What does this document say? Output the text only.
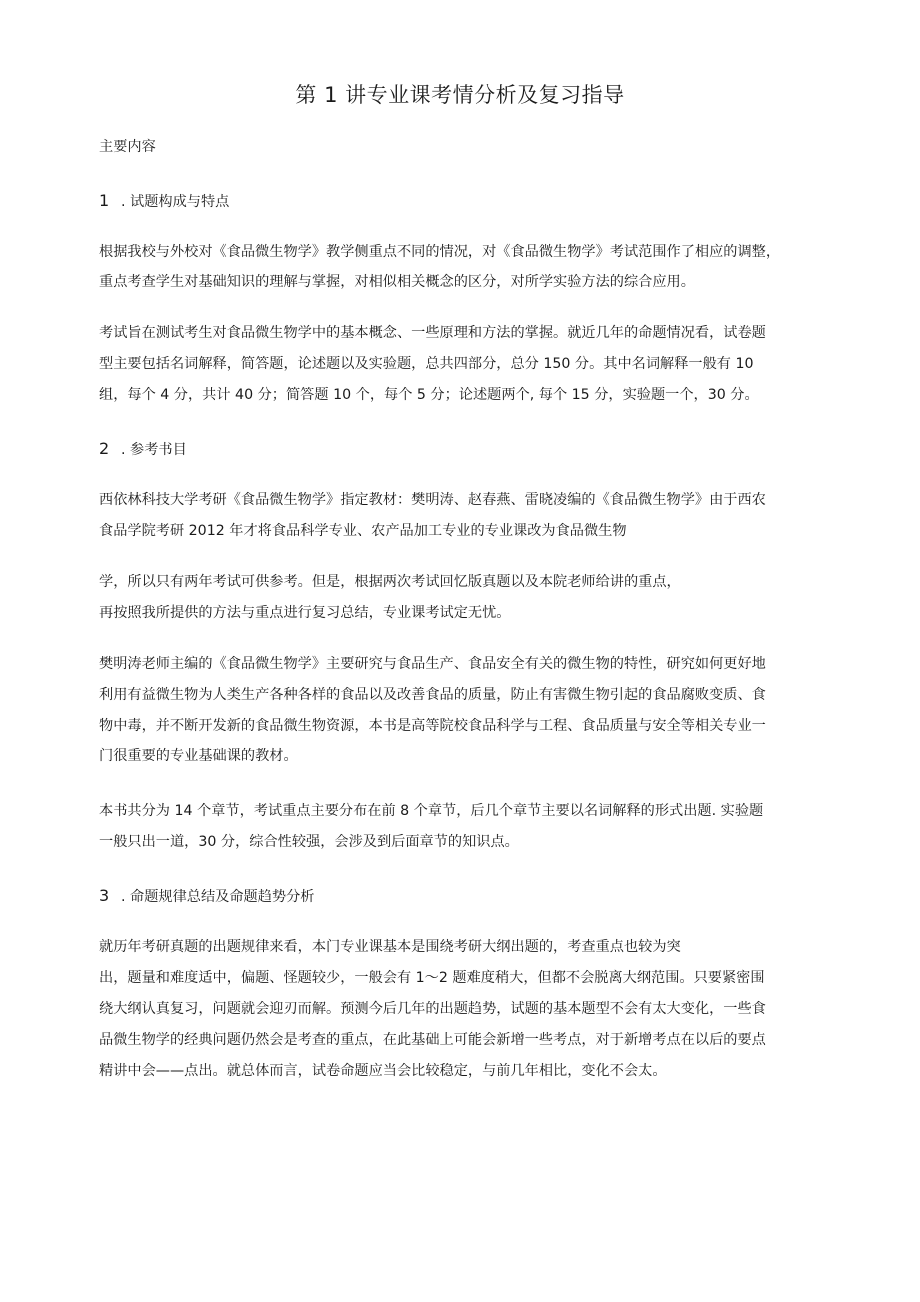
第 1 讲专业课考情分析及复习指导

主要内容

1 . 试题构成与特点

根据我校与外校对《食品微生物学》教学侧重点不同的情况，对《食品微生物学》考试范围作了相应的调整，

重点考查学生对基础知识的理解与掌握，对相似相关概念的区分，对所学实验方法的综合应用。

考试旨在测试考生对食品微生物学中的基本概念、一些原理和方法的掌握。就近几年的命题情况看，试卷题

型主要包括名词解释，简答题，论述题以及实验题，总共四部分，总分 150 分。其中名词解释一般有 10

组，每个 4 分，共计 40 分；简答题 10 个，每个 5 分；论述题两个, 每个 15 分，实验题一个，30 分。

2 . 参考书目

西依林科技大学考研《食品微生物学》指定教材：樊明涛、赵春燕、雷晓凌编的《食品微生物学》由于西农

食品学院考研 2012 年才将食品科学专业、农产品加工专业的专业课改为食品微生物

学，所以只有两年考试可供参考。但是，根据两次考试回忆版真题以及本院老师给讲的重点，

再按照我所提供的方法与重点进行复习总结，专业课考试定无忧。

樊明涛老师主编的《食品微生物学》主要研究与食品生产、食品安全有关的微生物的特性，研究如何更好地

利用有益微生物为人类生产各种各样的食品以及改善食品的质量，防止有害微生物引起的食品腐败变质、食

物中毒，并不断开发新的食品微生物资源，本书是高等院校食品科学与工程、食品质量与安全等相关专业一

门很重要的专业基础课的教材。

本书共分为 14 个章节，考试重点主要分布在前 8 个章节，后几个章节主要以名词解释的形式出题. 实验题

一般只出一道，30 分，综合性较强，会涉及到后面章节的知识点。

3 . 命题规律总结及命题趋势分析

就历年考研真题的出题规律来看，本门专业课基本是围绕考研大纲出题的，考查重点也较为突

出，题量和难度适中，偏题、怪题较少，一般会有 1〜2 题难度稍大，但都不会脱离大纲范围。只要紧密围

绕大纲认真复习，问题就会迎刃而解。预测今后几年的出题趋势，试题的基本题型不会有太大变化，一些食

品微生物学的经典问题仍然会是考查的重点，在此基础上可能会新增一些考点，对于新增考点在以后的要点

精讲中会——点出。就总体而言，试卷命题应当会比较稳定，与前几年相比，变化不会太。
